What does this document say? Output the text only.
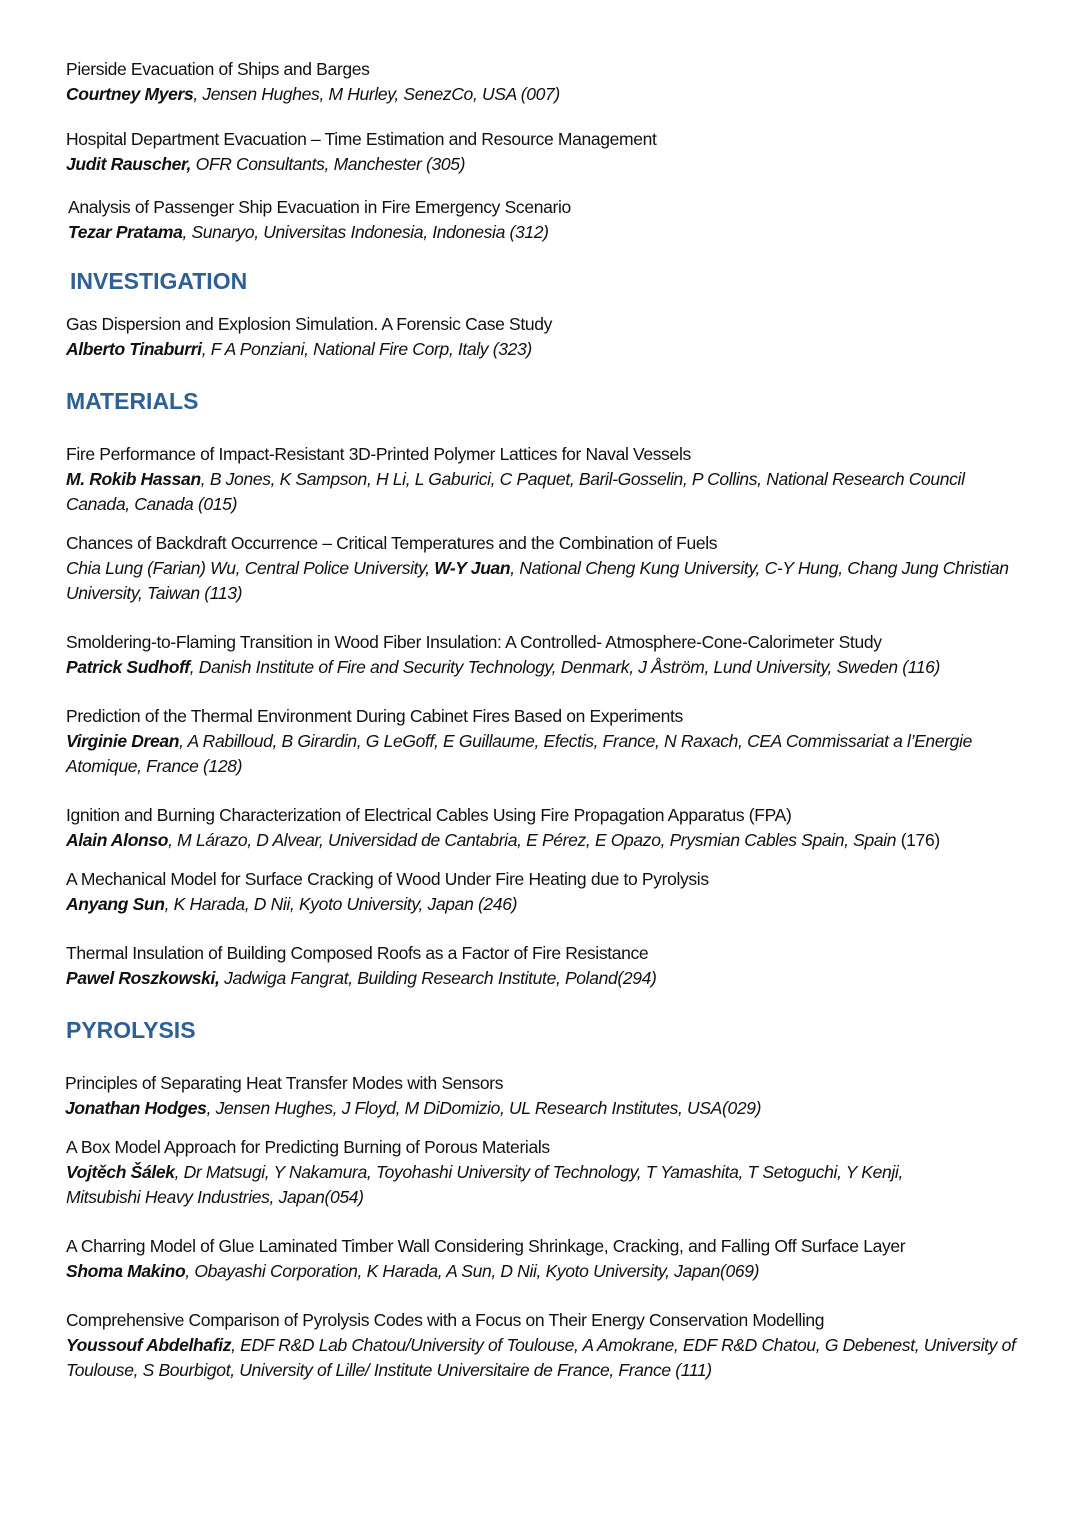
Pierside Evacuation of Ships and Barges
Courtney Myers, Jensen Hughes, M Hurley, SenezCo, USA (007)
Hospital Department Evacuation – Time Estimation and Resource Management
Judit Rauscher, OFR Consultants, Manchester (305)
Analysis of Passenger Ship Evacuation in Fire Emergency Scenario
Tezar Pratama, Sunaryo, Universitas Indonesia, Indonesia (312)
INVESTIGATION
Gas Dispersion and Explosion Simulation. A Forensic Case Study
Alberto Tinaburri, F A Ponziani, National Fire Corp, Italy (323)
MATERIALS
Fire Performance of Impact-Resistant 3D-Printed Polymer Lattices for Naval Vessels
M. Rokib Hassan, B Jones, K Sampson, H Li, L Gaburici, C Paquet, Baril-Gosselin, P Collins, National Research Council Canada, Canada (015)
Chances of Backdraft Occurrence – Critical Temperatures and the Combination of Fuels
Chia Lung (Farian) Wu, Central Police University, W-Y Juan, National Cheng Kung University, C-Y Hung, Chang Jung Christian University, Taiwan (113)
Smoldering-to-Flaming Transition in Wood Fiber Insulation: A Controlled- Atmosphere-Cone-Calorimeter Study
Patrick Sudhoff, Danish Institute of Fire and Security Technology, Denmark, J Åström, Lund University, Sweden (116)
Prediction of the Thermal Environment During Cabinet Fires Based on Experiments
Virginie Drean, A Rabilloud, B Girardin, G LeGoff, E Guillaume, Efectis, France, N Raxach, CEA Commissariat a l’Energie Atomique, France (128)
Ignition and Burning Characterization of Electrical Cables Using Fire Propagation Apparatus (FPA)
Alain Alonso, M Lárazo, D Alvear, Universidad de Cantabria, E Pérez, E Opazo, Prysmian Cables Spain, Spain (176)
A Mechanical Model for Surface Cracking of Wood Under Fire Heating due to Pyrolysis
Anyang Sun, K Harada, D Nii, Kyoto University, Japan (246)
Thermal Insulation of Building Composed Roofs as a Factor of Fire Resistance
Pawel Roszkowski, Jadwiga Fangrat, Building Research Institute, Poland(294)
PYROLYSIS
Principles of Separating Heat Transfer Modes with Sensors
Jonathan Hodges, Jensen Hughes, J Floyd, M DiDomizio, UL Research Institutes, USA(029)
A Box Model Approach for Predicting Burning of Porous Materials
Vojtěch Šálek, Dr Matsugi, Y Nakamura, Toyohashi University of Technology, T Yamashita, T Setoguchi, Y Kenji, Mitsubishi Heavy Industries, Japan(054)
A Charring Model of Glue Laminated Timber Wall Considering Shrinkage, Cracking, and Falling Off Surface Layer
Shoma Makino, Obayashi Corporation, K Harada, A Sun, D Nii, Kyoto University, Japan(069)
Comprehensive Comparison of Pyrolysis Codes with a Focus on Their Energy Conservation Modelling
Youssouf Abdelhafiz, EDF R&D Lab Chatou/University of Toulouse, A Amokrane, EDF R&D Chatou, G Debenest, University of Toulouse, S Bourbigot, University of Lille/ Institute Universitaire de France, France (111)
